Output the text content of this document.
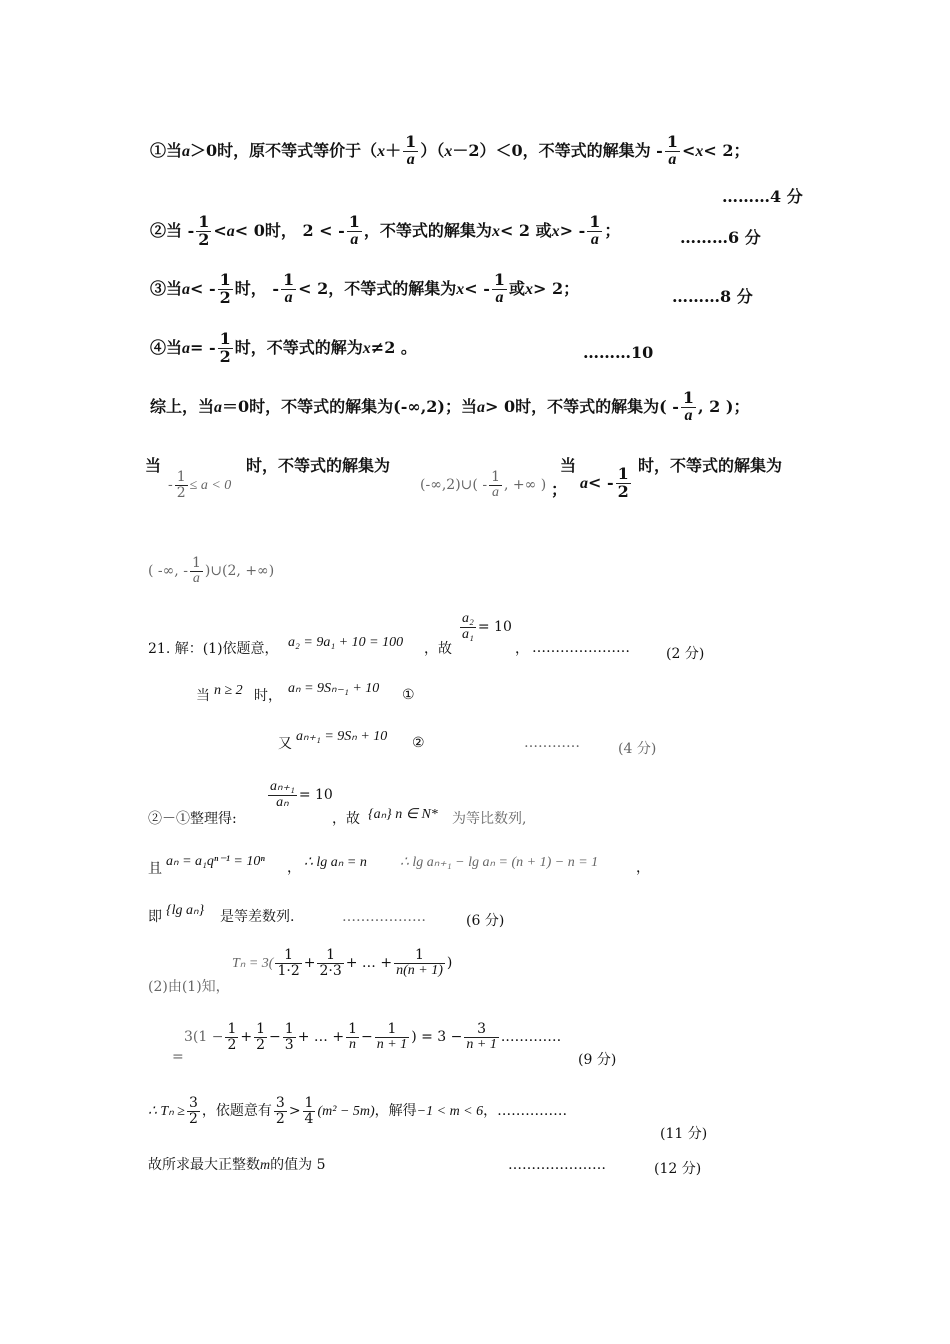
①当a＞0时，原不等式等价于$(x+ \frac{1}{a} )(x-2)<0$，不等式的解集为 - $\frac{1}{a} <x< 2$；
………4 分
②当 - $\frac{1}{2} <a< 0$时， 2 < - $\frac{1}{a}$ ，不等式的解集为x< 2 或$x> - \frac{1}{a}$ ；	………6 分
③当$a< - \frac{1}{2}$ 时， - $\frac{1}{a} < 2$，不等式的解集为$x< - \frac{1}{a}$ 或x> 2；	………8 分
④当$a= - \frac{1}{2}$ 时，不等式的解为x≠2 。	………10
综上，当a＝0时，不等式的解集为(-∞,2)；当a> 0时，不等式的解集为( - $\frac{1}{a}$ , 2 )；
当
- $\frac{1}{2} \le a < 0$
时，不等式的解集为
(-∞,2)∪( - $\frac{1}{a}$ , +∞ ) ；
当
$a< - \frac{1}{2}$
时，不等式的解集为
( -∞, - $\frac{1}{a}$ )∪(2, +∞)
21. 解：(1)依题意， a₂ = 9a₁ + 10 = 100 ，故
$\frac{\text{a₂}}{\text{a₁}} = 10$
， …………………	(2 分)
当 n ≥ 2 时， aₙ = 9Sₙ₋₁ + 10 ①
又 aₙ₊₁ = 9Sₙ + 10 ②	…………	(4 分)
②－①整理得:
$\frac{\text{aₙ₊₁}}{\text{aₙ}} = 10$
，故 {aₙ} n ∈ N* 为等比数列,
且 aₙ = a₁qⁿ⁻¹ = 10ⁿ ， ∴ lg aₙ = n ∴ lg aₙ₊₁ − lg aₙ = (n + 1) − n = 1	，
即 {lg aₙ} 是等差数列.	………………	(6 分)
(2)由(1)知，
$T_n = 3( \frac{1}{1\cdot 2} + \frac{1}{2\cdot 3}$ + … + $\frac{1}{n(n + 1)}$ )
=
$3(1 - \frac{1}{2} + \frac{1}{2} - \frac{1}{3}$ + … + $\frac{1}{n} - \frac{1}{n + 1}$ ) = $3 - \frac{3}{n + 1}$ .…………
(9 分)
∴ $T_n \ge \frac{3}{2}$ ，依题意有 $\frac{3}{2} > \frac{1}{4} (m^2 - 5m)$，解得−1 < m < 6，……………
(11 分)
故所求最大正整数m的值为 5	…………………	(12 分)
